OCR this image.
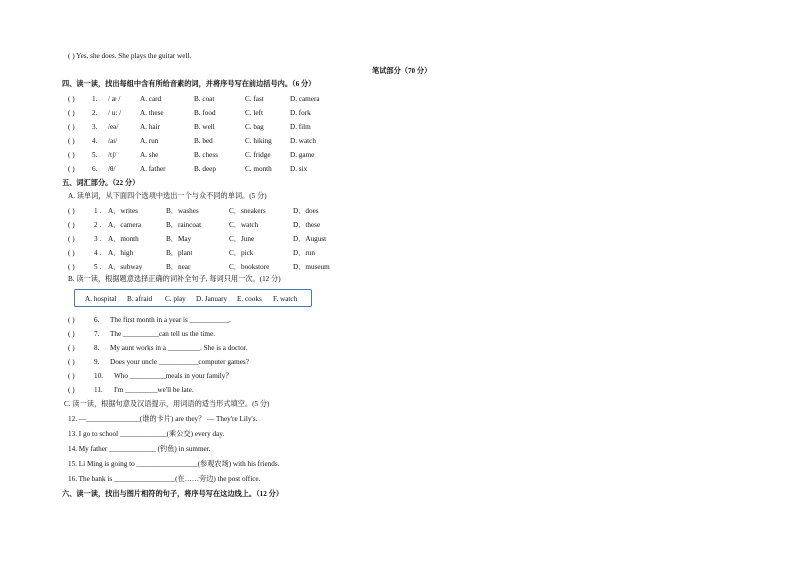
( ) Yes, she does. She plays the guitar well.
笔试部分（70 分）
四、读一读，找出每组中含有所给音素的词，并将序号写在前边括号内。（6 分）
( ) 1. / æ /	A. card	B. coat	C. fast	D. camera
( ) 2. / u: /	A. these	B. food	C. left	D. fork
( ) 3. /eə/	A. hair	B. well	C. bag	D. film
( ) 4. /aɪ/	A. run	B. bed	C. hiking	D. watch
( ) 5. /tʃ/	A. she	B. chess	C. fridge	D. game
( ) 6. /θ/	A. father	B. deep	C. month	D. six
五、词汇部分。（22 分）
A. 读单词，从下面四个选项中选出一个与众不同的单词。(5 分)
( )	1 . A．writes	B．washes	C．sneakers	D．does
( )	2 . A．camera	B．raincoat	C．watch	D．these
( )	3 . A．month	B．May	C．June	D．August
( )	4 . A．high	B．plant	C．pick	D．run
( )	5 . A．subway	B．near	C．bookstore	D．museum
B. 读一读，根据题意选择正确的词补全句子, 每词只用一次。(12 分)
A. hospital B. afraid C. play D. January E. cooks F. watch
( )	6. The first month in a year is ___________.
( )	7. The __________can tell us the time.
( )	8. My aunt works in a _________. She is a doctor.
( )	9. Does your uncle ___________computer games?
( )	10. Who __________meals in your family？
( )	11. I'm _________we'll be late.
C. 读一读，根据句意及汉语提示，用词语的适当形式填空。(5 分)
12. —_______________(谁的卡片) are they？ — They're Lily's.
13. I go to school _____________(乘公交) every day.
14. My father _____________ (钓鱼) in summer.
15. Li Ming is going to _________________(参观农场) with his friends.
16. The bank is _________________(在……旁边) the post office.
六、读一读，找出与图片相符的句子，将序号写在这边线上。（12 分）
